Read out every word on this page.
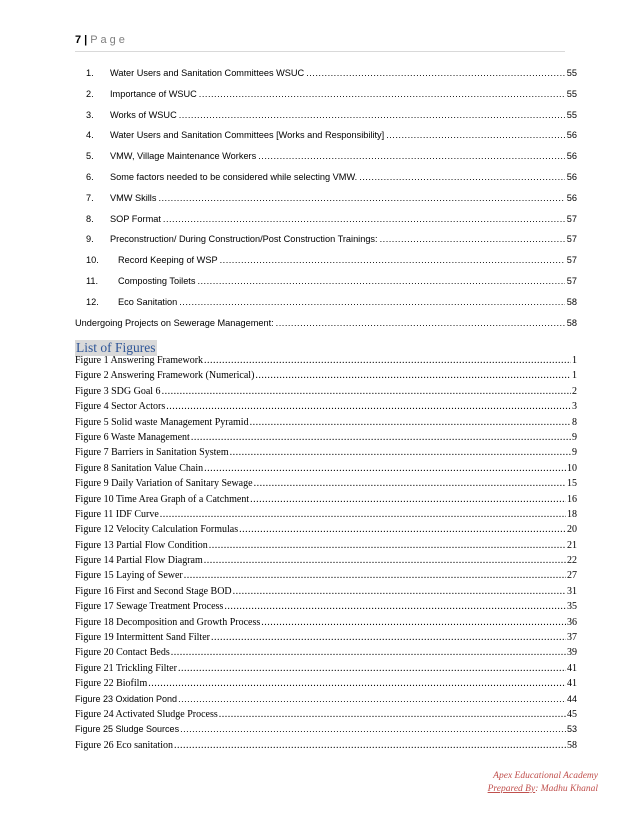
7 | Page
1.	Water Users and Sanitation Committees WSUC .....	55
2.	Importance of WSUC .....	55
3.	Works of WSUC .....	55
4.	Water Users and Sanitation Committees [Works and Responsibility] .....	56
5.	VMW, Village Maintenance Workers .....	56
6.	Some factors needed to be considered while selecting VMW. .....	56
7.	VMW Skills .....	56
8.	SOP Format .....	57
9.	Preconstruction/ During Construction/Post Construction Trainings: .....	57
10.	Record Keeping of WSP .....	57
11.	Composting Toilets .....	57
12.	Eco Sanitation .....	58
Undergoing Projects on Sewerage Management: .....	58
List of Figures
Figure 1 Answering Framework .....	1
Figure 2 Answering Framework (Numerical) .....	1
Figure 3 SDG Goal 6 .....	2
Figure 4 Sector Actors .....	3
Figure 5 Solid waste Management Pyramid .....	8
Figure 6 Waste Management .....	9
Figure 7 Barriers in Sanitation System .....	9
Figure 8 Sanitation Value Chain .....	10
Figure 9 Daily Variation of Sanitary Sewage .....	15
Figure 10 Time Area Graph of a Catchment .....	16
Figure 11 IDF Curve .....	18
Figure 12 Velocity Calculation Formulas .....	20
Figure 13 Partial Flow Condition .....	21
Figure 14 Partial Flow Diagram .....	22
Figure 15 Laying of Sewer .....	27
Figure 16 First and Second Stage BOD .....	31
Figure 17 Sewage Treatment Process .....	35
Figure 18 Decomposition and Growth Process .....	36
Figure 19 Intermittent Sand Filter .....	37
Figure 20 Contact Beds .....	39
Figure 21 Trickling Filter .....	41
Figure 22 Biofilm .....	41
Figure 23 Oxidation Pond .....	44
Figure 24 Activated Sludge Process .....	45
Figure 25 Sludge Sources .....	53
Figure 26 Eco sanitation .....	58
Apex Educational Academy
Prepared By: Madhu Khanal
